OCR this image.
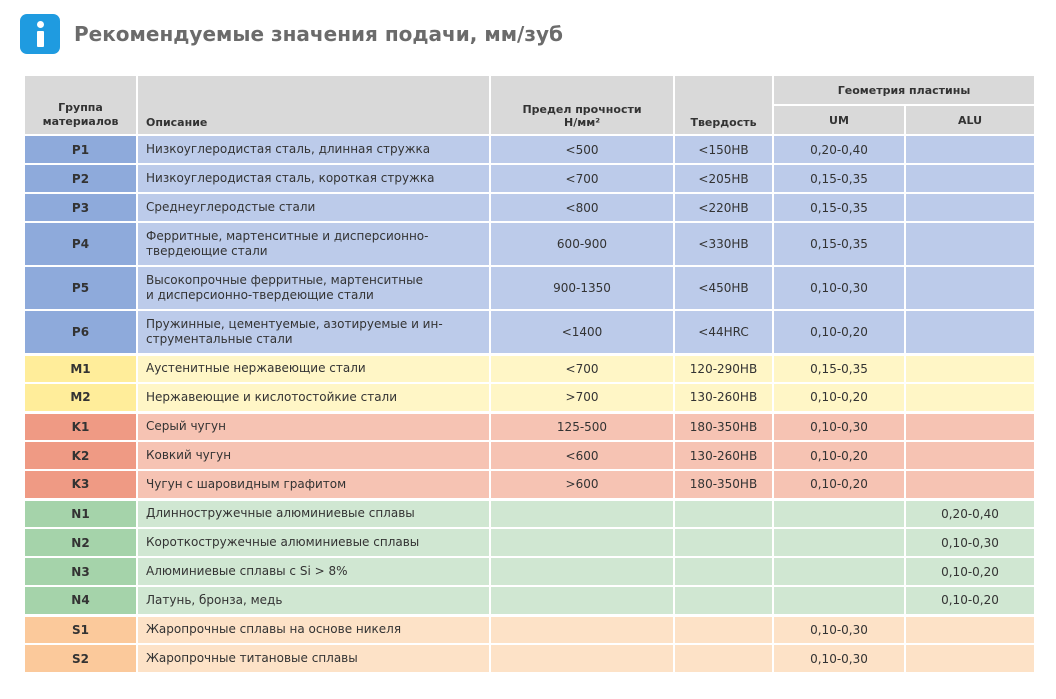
Рекомендуемые значения подачи, мм/зуб
Группа
материалов	Описание	Предел прочности
Н/мм²	Твердость	Геометрия пластины	
				UM	ALU
P1	Низкоуглеродистая сталь, длинная стружка	<500	<150HB	0,20-0,40	
P2	Низкоуглеродистая сталь, короткая стружка	<700	<205HB	0,15-0,35	
P3	Среднеуглеродстые стали	<800	<220HB	0,15-0,35	
P4	Ферритные, мартенситные и дисперсионно-
твердеющие стали	600-900	<330HB	0,15-0,35	
P5	Высокопрочные ферритные, мартенситные
и дисперсионно-твердеющие стали	900-1350	<450HB	0,10-0,30	
P6	Пружинные, цементуемые, азотируемые и ин-
струментальные стали	<1400	<44HRC	0,10-0,20	
M1	Аустенитные нержавеющие стали	<700	120-290HB	0,15-0,35	
M2	Нержавеющие и кислотостойкие стали	>700	130-260HB	0,10-0,20	
K1	Серый чугун	125-500	180-350HB	0,10-0,30	
K2	Ковкий чугун	<600	130-260HB	0,10-0,20	
K3	Чугун с шаровидным графитом	>600	180-350HB	0,10-0,20	
N1	Длинностружечные алюминиевые сплавы				0,20-0,40
N2	Короткостружечные алюминиевые сплавы				0,10-0,30
N3	Алюминиевые сплавы с Si > 8%				0,10-0,20
N4	Латунь, бронза, медь				0,10-0,20
S1	Жаропрочные сплавы на основе никеля			0,10-0,30	
S2	Жаропрочные титановые сплавы			0,10-0,30	
